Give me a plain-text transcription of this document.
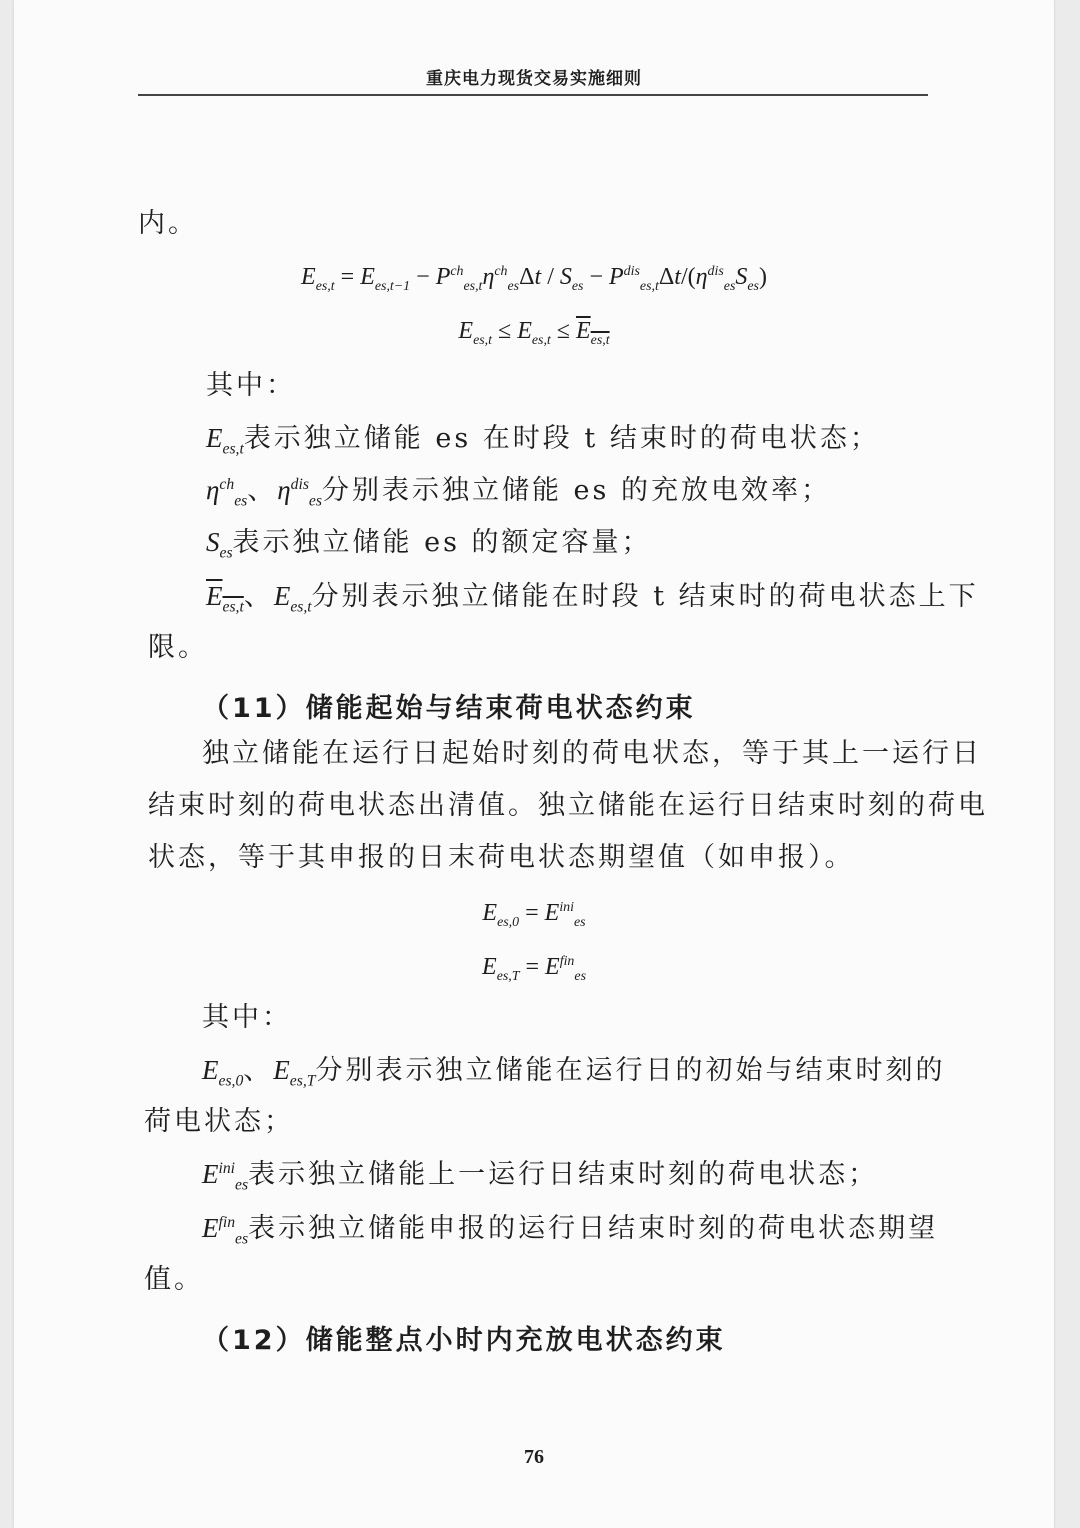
重庆电力现货交易实施细则
内。
$E_{es,t} = E_{es,t-1} - P^{ch}_{es,t}\eta^{ch}_{es}\Delta t / S_{es} - P^{dis}_{es,t}\Delta t/(\eta^{dis}_{es}S_{es})$
$E_{es,t} \le E_{es,t} \le E_{es,t}$
其中：
$E_{es,t}$表示独立储能 es 在时段 t 结束时的荷电状态；
$\eta^{ch}_{es}$、$\eta^{dis}_{es}$分别表示独立储能 es 的充放电效率；
$S_{es}$表示独立储能 es 的额定容量；
$E_{es,t}$、$E_{es,t}$分别表示独立储能在时段 t 结束时的荷电状态上下
限。
（11）储能起始与结束荷电状态约束
独立储能在运行日起始时刻的荷电状态，等于其上一运行日
结束时刻的荷电状态出清值。独立储能在运行日结束时刻的荷电
状态，等于其申报的日末荷电状态期望值（如申报）。
$E_{es,0} = E^{ini}_{es}$
$E_{es,T} = E^{fin}_{es}$
其中：
$E_{es,0}$、$E_{es,T}$分别表示独立储能在运行日的初始与结束时刻的
荷电状态；
$E^{ini}_{es}$表示独立储能上一运行日结束时刻的荷电状态；
$E^{fin}_{es}$表示独立储能申报的运行日结束时刻的荷电状态期望
值。
（12）储能整点小时内充放电状态约束
76
